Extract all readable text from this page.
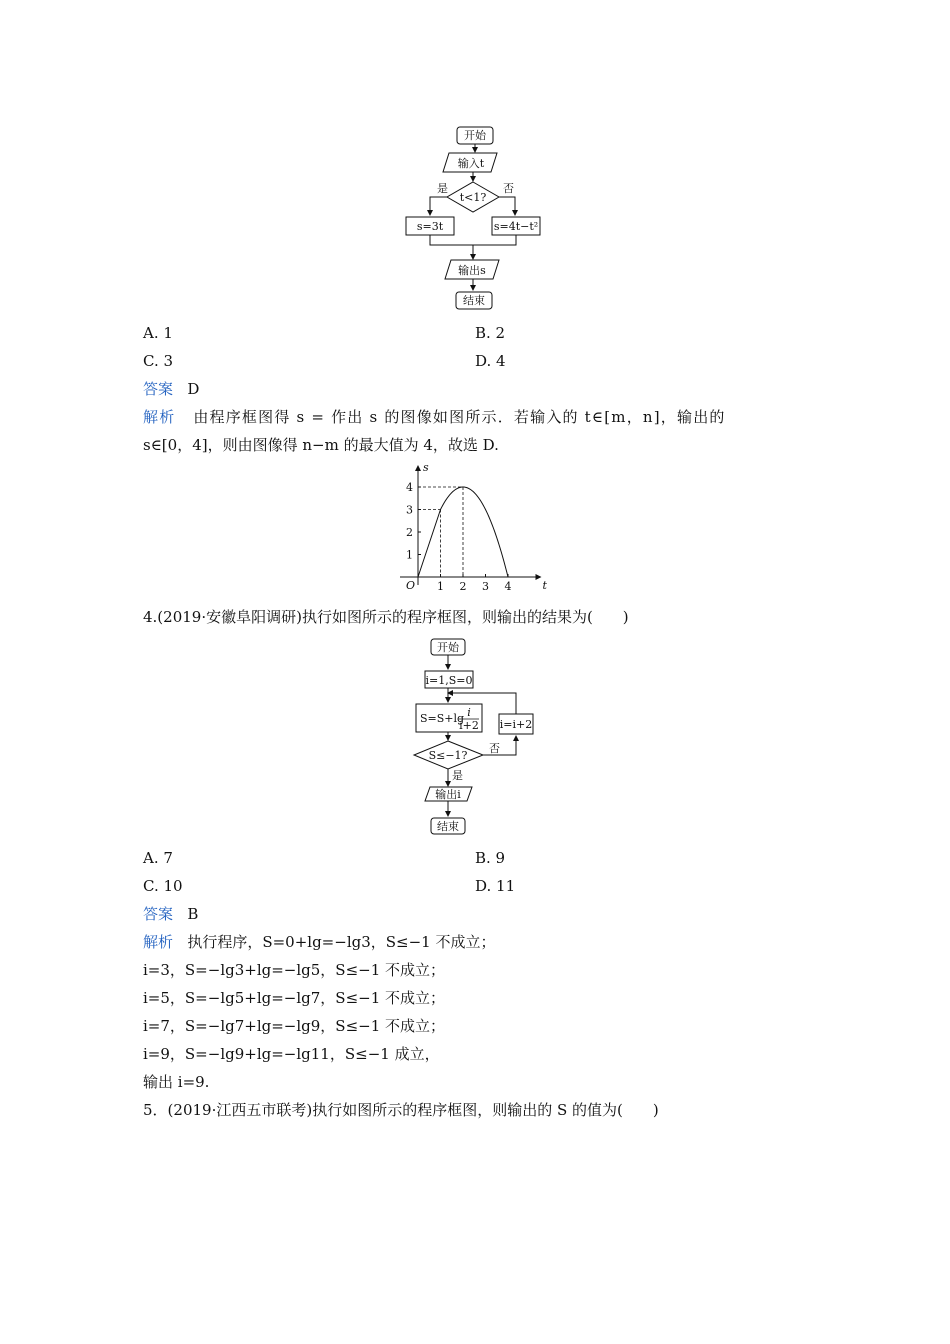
开始
输入t
t<1?
是	否
s=3t	s=4t−t²
输出s
结束
A. 1	B. 2
C. 3	D. 4
答案 D
解析 由程序框图得 s = 作出 s 的图像如图所示．若输入的 t∈[m，n]，输出的
s∈[0，4]，则由图像得 n−m 的最大值为 4，故选 D.
s
t
O 1 2 3 4
1
2
3
4
4.(2019·安徽阜阳调研)执行如图所示的程序框图，则输出的结果为(　　)
开始
i=1,S=0
S=S+lg i
i+2
S≤−1?
否
i=i+2
是
输出i
结束
A. 7	B. 9
C. 10	D. 11
答案 B
解析 执行程序，S=0+lg=−lg3，S≤−1 不成立；
i=3，S=−lg3+lg=−lg5，S≤−1 不成立；
i=5，S=−lg5+lg=−lg7，S≤−1 不成立；
i=7，S=−lg7+lg=−lg9，S≤−1 不成立；
i=9，S=−lg9+lg=−lg11，S≤−1 成立，
输出 i=9.
5．(2019·江西五市联考)执行如图所示的程序框图，则输出的 S 的值为(　　)
